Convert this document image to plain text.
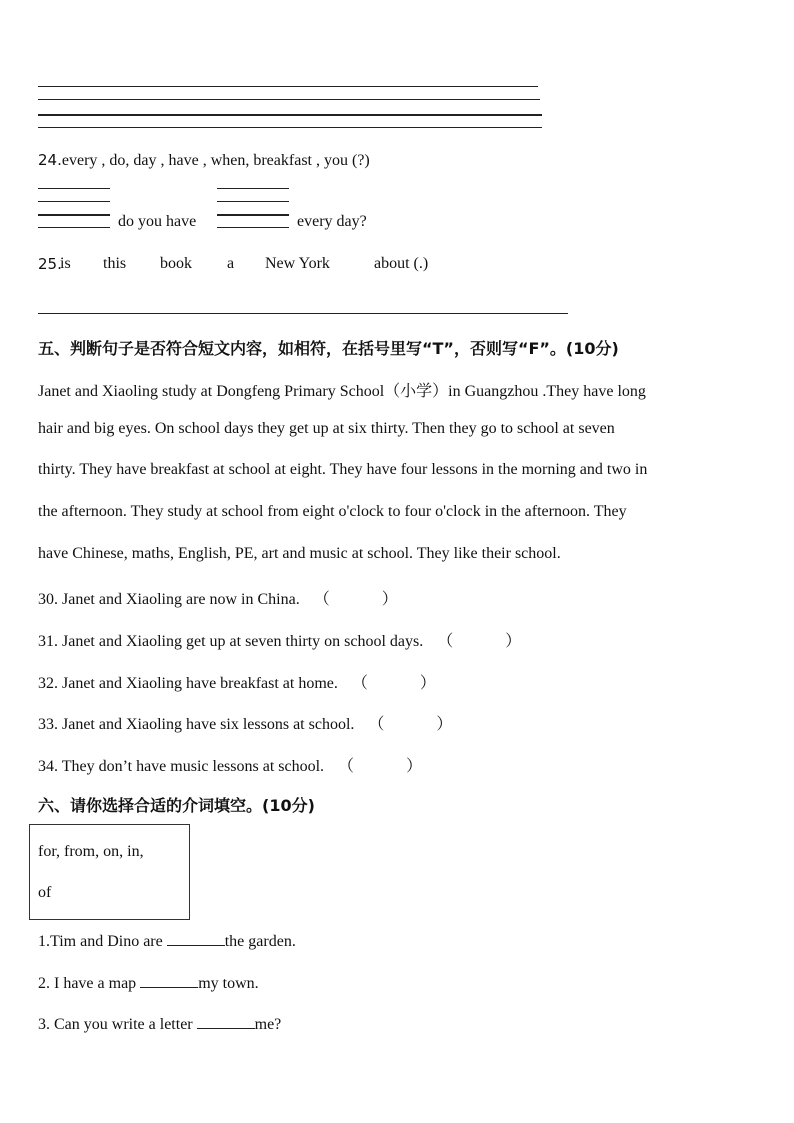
24.every , do, day , have , when, breakfast , you (?)
do you have	every day?
25.
is this book a New York	about (.)
五、判断句子是否符合短文内容，如相符，在括号里写“T”，否则写“F”。(10分)
Janet and Xiaoling study at Dongfeng Primary School（小学）in Guangzhou .They have long
hair and big eyes. On school days they get up at six thirty. Then they go to school at seven
thirty. They have breakfast at school at eight. They have four lessons in the morning and two in
the afternoon. They study at school from eight o'clock to four o'clock in the afternoon. They
have Chinese, maths, English, PE, art and music at school. They like their school.
30. Janet and Xiaoling are now in China. （	）
31. Janet and Xiaoling get up at seven thirty on school days. （	）
32. Janet and Xiaoling have breakfast at home. （	）
33. Janet and Xiaoling have six lessons at school. （	）
34. They don’t have music lessons at school. （	）
六、请你选择合适的介词填空。(10分)
for, from, on, in,
of
1.Tim and Dino are	the garden.
2. I have a map	my town.
3. Can you write a letter	me?
